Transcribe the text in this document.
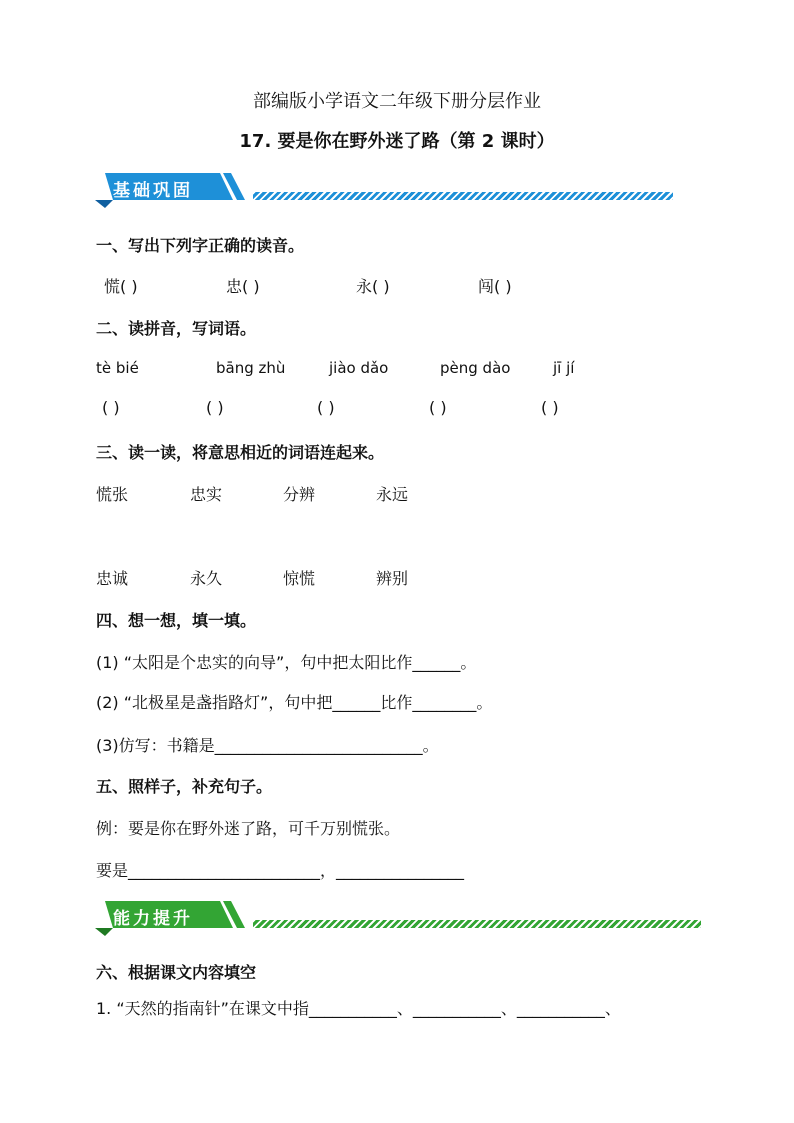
部编版小学语文二年级下册分层作业
17. 要是你在野外迷了路（第 2 课时）
基础巩固
一、写出下列字正确的读音。
慌( )	忠( )	永( )	闯( )
二、读拼音，写词语。
tè bié	bāng zhù	jiào dǎo	pèng dào	jī jí
( )	( )	( )	( )	( )
三、读一读，将意思相近的词语连起来。
慌张	忠实	分辨	永远
忠诚	永久	惊慌	辨别
四、想一想，填一填。
(1) “太阳是个忠实的向导”，句中把太阳比作______。
(2) “北极星是盏指路灯”，句中把______比作________。
(3)仿写：书籍是__________________________。
五、照样子，补充句子。
例：要是你在野外迷了路，可千万别慌张。
要是________________________，________________
能力提升
六、根据课文内容填空
1. “天然的指南针”在课文中指___________、___________、___________、
